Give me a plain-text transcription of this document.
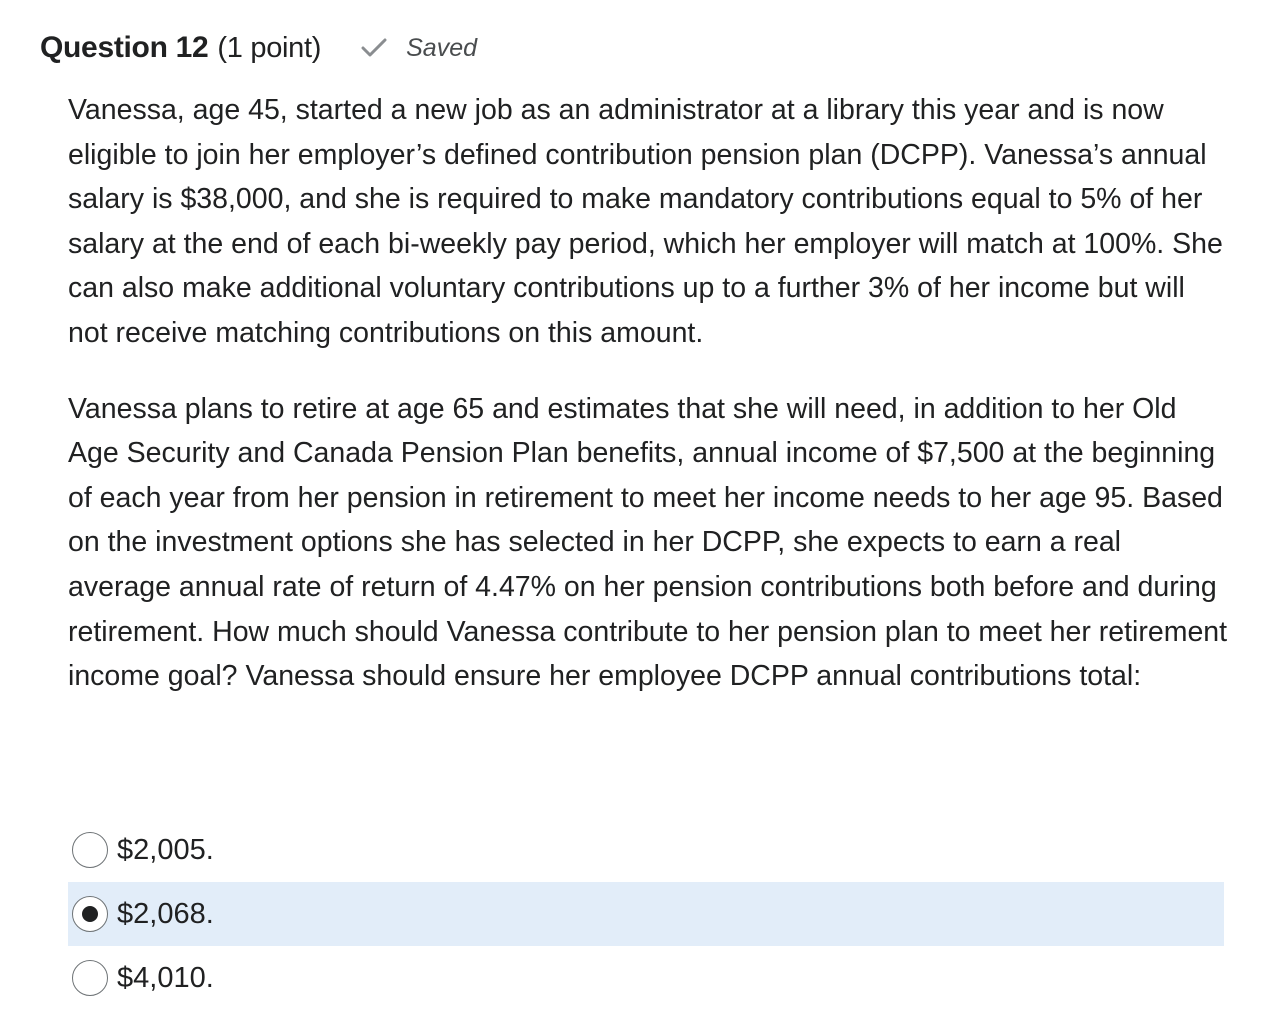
Question 12 (1 point)	Saved

Vanessa, age 45, started a new job as an administrator at a library this year and is now eligible to join her employer’s defined contribution pension plan (DCPP). Vanessa’s annual salary is $38,000, and she is required to make mandatory contributions equal to 5% of her salary at the end of each bi-weekly pay period, which her employer will match at 100%. She can also make additional voluntary contributions up to a further 3% of her income but will not receive matching contributions on this amount.

Vanessa plans to retire at age 65 and estimates that she will need, in addition to her Old Age Security and Canada Pension Plan benefits, annual income of $7,500 at the beginning of each year from her pension in retirement to meet her income needs to her age 95. Based on the investment options she has selected in her DCPP, she expects to earn a real average annual rate of return of 4.47% on her pension contributions both before and during retirement. How much should Vanessa contribute to her pension plan to meet her retirement income goal? Vanessa should ensure her employee DCPP annual contributions total:

$2,005.
$2,068.
$4,010.
